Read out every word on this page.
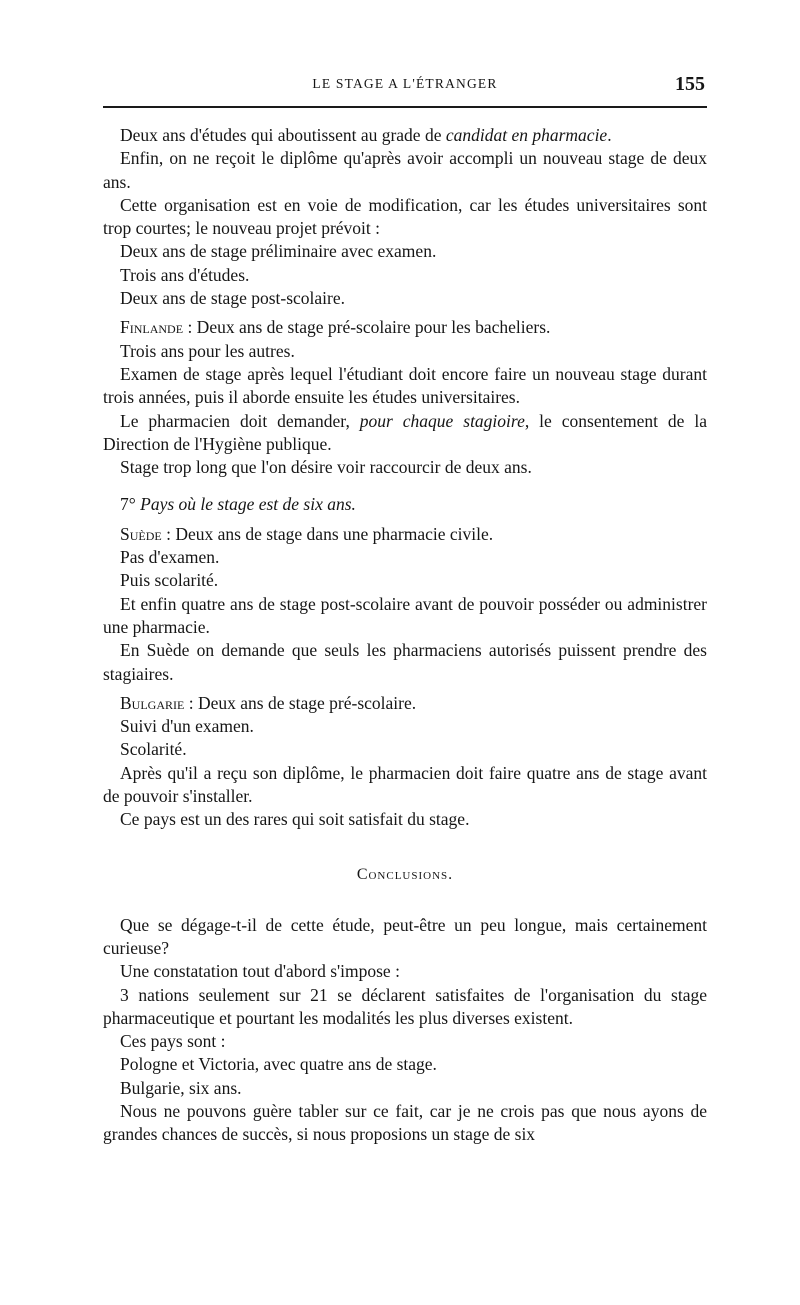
LE STAGE A L'ÉTRANGER	155

Deux ans d'études qui aboutissent au grade de candidat en pharmacie.

Enfin, on ne reçoit le diplôme qu'après avoir accompli un nouveau stage de deux ans.

Cette organisation est en voie de modification, car les études universitaires sont trop courtes; le nouveau projet prévoit :

Deux ans de stage préliminaire avec examen.

Trois ans d'études.

Deux ans de stage post-scolaire.

Finlande : Deux ans de stage pré-scolaire pour les bacheliers.

Trois ans pour les autres.

Examen de stage après lequel l'étudiant doit encore faire un nouveau stage durant trois années, puis il aborde ensuite les études universitaires.

Le pharmacien doit demander, pour chaque stagioire, le consentement de la Direction de l'Hygiène publique.

Stage trop long que l'on désire voir raccourcir de deux ans.

7° Pays où le stage est de six ans.

Suède : Deux ans de stage dans une pharmacie civile.

Pas d'examen.

Puis scolarité.

Et enfin quatre ans de stage post-scolaire avant de pouvoir posséder ou administrer une pharmacie.

En Suède on demande que seuls les pharmaciens autorisés puissent prendre des stagiaires.

Bulgarie : Deux ans de stage pré-scolaire.

Suivi d'un examen.

Scolarité.

Après qu'il a reçu son diplôme, le pharmacien doit faire quatre ans de stage avant de pouvoir s'installer.

Ce pays est un des rares qui soit satisfait du stage.

Conclusions.

Que se dégage-t-il de cette étude, peut-être un peu longue, mais certainement curieuse?

Une constatation tout d'abord s'impose :

3 nations seulement sur 21 se déclarent satisfaites de l'organisation du stage pharmaceutique et pourtant les modalités les plus diverses existent.

Ces pays sont :

Pologne et Victoria, avec quatre ans de stage.

Bulgarie, six ans.

Nous ne pouvons guère tabler sur ce fait, car je ne crois pas que nous ayons de grandes chances de succès, si nous proposions un stage de six
